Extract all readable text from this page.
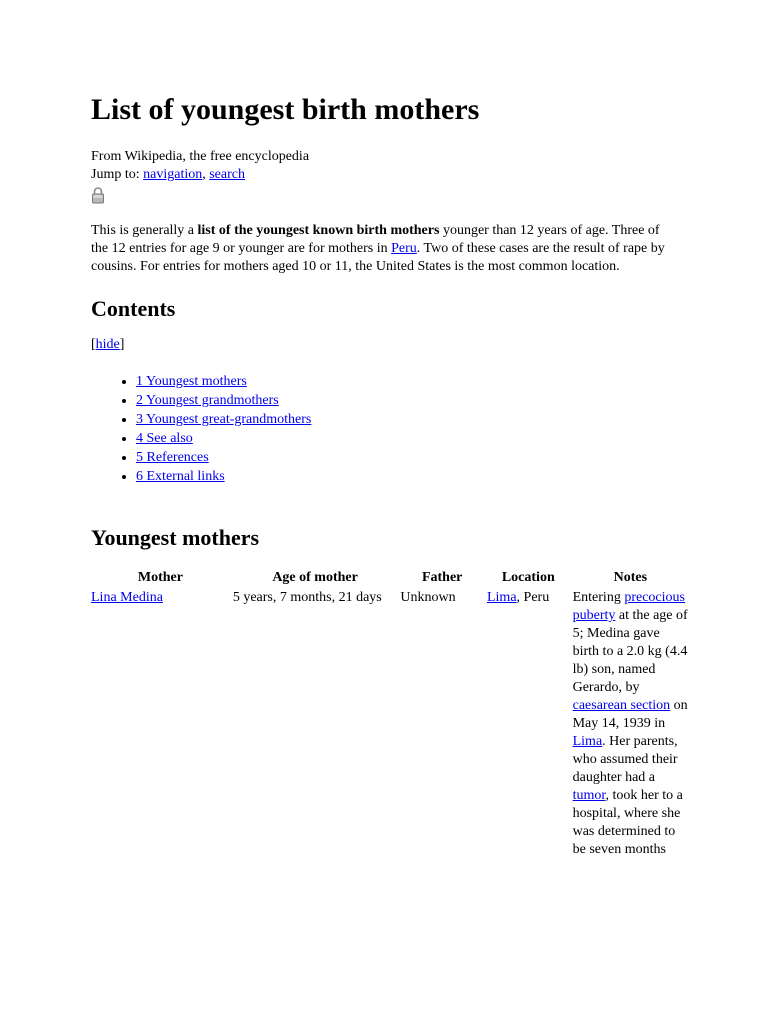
List of youngest birth mothers

From Wikipedia, the free encyclopedia

Jump to: navigation, search

This is generally a list of the youngest known birth mothers younger than 12 years of age. Three of the 12 entries for age 9 or younger are for mothers in Peru. Two of these cases are the result of rape by cousins. For entries for mothers aged 10 or 11, the United States is the most common location.

Contents
[hide]
• 1 Youngest mothers
• 2 Youngest grandmothers
• 3 Youngest great-grandmothers
• 4 See also
• 5 References
• 6 External links
Youngest mothers
Mother	Age of mother	Father	Location	Notes
Lina Medina	5 years, 7 months, 21 days	Unknown	Lima, Peru	Entering precocious puberty at the age of 5; Medina gave birth to a 2.0 kg (4.4 lb) son, named Gerardo, by caesarean section on May 14, 1939 in Lima. Her parents, who assumed their daughter had a tumor, took her to a hospital, where she was determined to be seven months
